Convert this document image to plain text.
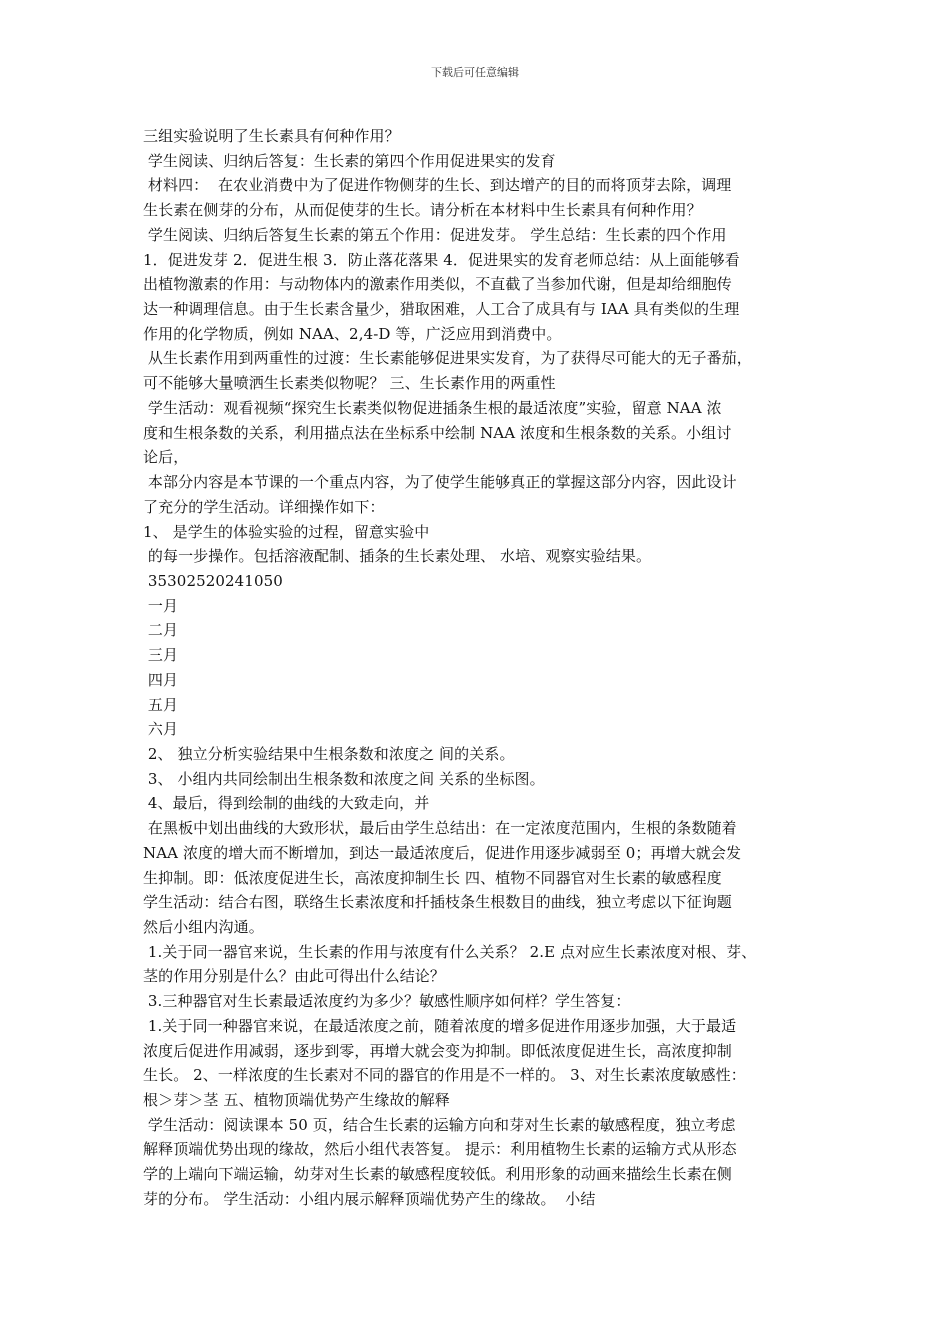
下载后可任意编辑
三组实验说明了生长素具有何种作用？
学生阅读、归纳后答复：生长素的第四个作用促进果实的发育
材料四：  在农业消费中为了促进作物侧芽的生长、到达增产的目的而将顶芽去除，调理
生长素在侧芽的分布，从而促使芽的生长。请分析在本材料中生长素具有何种作用？
学生阅读、归纳后答复生长素的第五个作用：促进发芽。 学生总结：生长素的四个作用
1．促进发芽 2．促进生根 3．防止落花落果 4．促进果实的发育老师总结：从上面能够看
出植物激素的作用：与动物体内的激素作用类似，不直截了当参加代谢，但是却给细胞传
达一种调理信息。由于生长素含量少，猎取困难，人工合了成具有与 IAA 具有类似的生理
作用的化学物质，例如 NAA、2,4-D 等，广泛应用到消费中。
从生长素作用到两重性的过渡：生长素能够促进果实发育，为了获得尽可能大的无子番茄，
可不能够大量喷洒生长素类似物呢？ 三、生长素作用的两重性
学生活动：观看视频“探究生长素类似物促进插条生根的最适浓度”实验，留意 NAA 浓
度和生根条数的关系，利用描点法在坐标系中绘制 NAA 浓度和生根条数的关系。小组讨
论后，
本部分内容是本节课的一个重点内容，为了使学生能够真正的掌握这部分内容，因此设计
了充分的学生活动。详细操作如下：
1、 是学生的体验实验的过程，留意实验中
的每一步操作。包括溶液配制、插条的生长素处理、 水培、观察实验结果。
35302520241050
一月
二月
三月
四月
五月
六月
2、 独立分析实验结果中生根条数和浓度之 间的关系。
3、 小组内共同绘制出生根条数和浓度之间 关系的坐标图。
4、最后，得到绘制的曲线的大致走向，并
在黑板中划出曲线的大致形状，最后由学生总结出：在一定浓度范围内，生根的条数随着
NAA 浓度的增大而不断增加，到达一最适浓度后，促进作用逐步减弱至 0；再增大就会发
生抑制。即：低浓度促进生长，高浓度抑制生长 四、植物不同器官对生长素的敏感程度
学生活动：结合右图，联络生长素浓度和扦插枝条生根数目的曲线，独立考虑以下征询题
然后小组内沟通。
1.关于同一器官来说，生长素的作用与浓度有什么关系？ 2.E 点对应生长素浓度对根、芽、
茎的作用分别是什么？由此可得出什么结论？
3.三种器官对生长素最适浓度约为多少？敏感性顺序如何样？学生答复：
1.关于同一种器官来说，在最适浓度之前，随着浓度的增多促进作用逐步加强，大于最适
浓度后促进作用减弱，逐步到零，再增大就会变为抑制。即低浓度促进生长，高浓度抑制
生长。 2、一样浓度的生长素对不同的器官的作用是不一样的。 3、对生长素浓度敏感性：
根＞芽＞茎 五、植物顶端优势产生缘故的解释
学生活动：阅读课本 50 页，结合生长素的运输方向和芽对生长素的敏感程度，独立考虑
解释顶端优势出现的缘故，然后小组代表答复。 提示：利用植物生长素的运输方式从形态
学的上端向下端运输，幼芽对生长素的敏感程度较低。利用形象的动画来描绘生长素在侧
芽的分布。 学生活动：小组内展示解释顶端优势产生的缘故。  小结
